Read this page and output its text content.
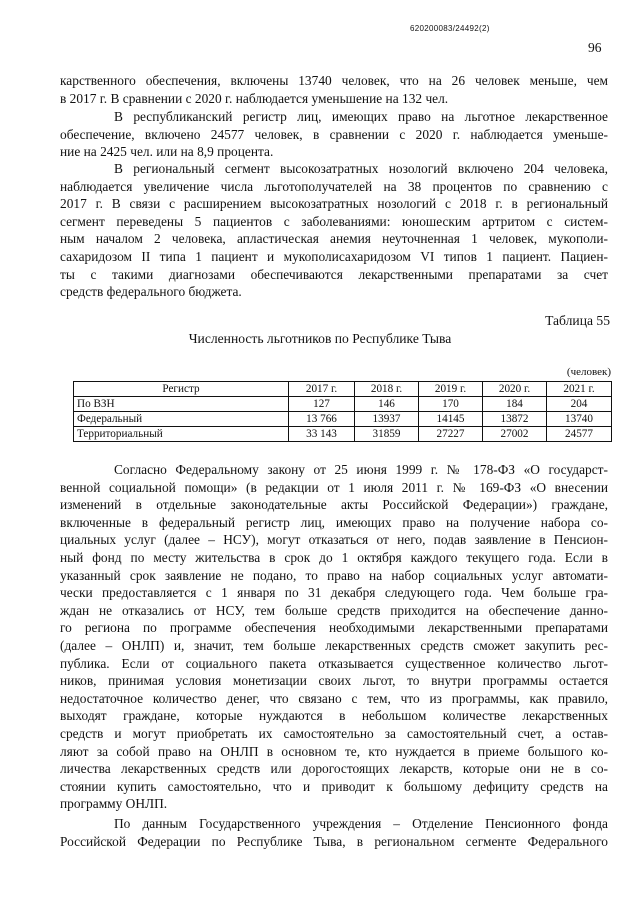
620200083/24492(2)
96

карственного обеспечения, включены 13740 человек, что на 26 человек меньше, чем
в 2017 г. В сравнении с 2020 г. наблюдается уменьшение на 132 чел.

В республиканский регистр лиц, имеющих право на льготное лекарственное
обеспечение, включено 24577 человек, в сравнении с 2020 г. наблюдается уменьше-
ние на 2425 чел. или на 8,9 процента.

В региональный сегмент высокозатратных нозологий включено 204 человека,
наблюдается увеличение числа льготополучателей на 38 процентов по сравнению с
2017 г. В связи с расширением высокозатратных нозологий с 2018 г. в региональный
сегмент переведены 5 пациентов с заболеваниями: юношеским артритом с систем-
ным началом 2 человека, апластическая анемия неуточненная 1 человек, мукополи-
сахаридозом II типа 1 пациент и мукополисахаридозом VI типов 1 пациент. Пациен-
ты с такими диагнозами обеспечиваются лекарственными препаратами за счет
средств федерального бюджета.

Таблица 55
Численность льготников по Республике Тыва
(человек)
Регистр	2017 г.	2018 г.	2019 г.	2020 г.	2021 г.
По ВЗН	127	146	170	184	204
Федеральный	13 766	13937	14145	13872	13740
Территориальный	33 143	31859	27227	27002	24577

Согласно Федеральному закону от 25 июня 1999 г. № 178-ФЗ «О государст-
венной социальной помощи» (в редакции от 1 июля 2011 г. № 169-ФЗ «О внесении
изменений в отдельные законодательные акты Российской Федерации») граждане,
включенные в федеральный регистр лиц, имеющих право на получение набора со-
циальных услуг (далее – НСУ), могут отказаться от него, подав заявление в Пенсион-
ный фонд по месту жительства в срок до 1 октября каждого текущего года. Если в
указанный срок заявление не подано, то право на набор социальных услуг автомати-
чески предоставляется с 1 января по 31 декабря следующего года. Чем больше гра-
ждан не отказались от НСУ, тем больше средств приходится на обеспечение данно-
го региона по программе обеспечения необходимыми лекарственными препаратами
(далее – ОНЛП) и, значит, тем больше лекарственных средств сможет закупить рес-
публика. Если от социального пакета отказывается существенное количество льгот-
ников, принимая условия монетизации своих льгот, то внутри программы остается
недостаточное количество денег, что связано с тем, что из программы, как правило,
выходят граждане, которые нуждаются в небольшом количестве лекарственных
средств и могут приобретать их самостоятельно за самостоятельный счет, а остав-
ляют за собой право на ОНЛП в основном те, кто нуждается в приеме большого ко-
личества лекарственных средств или дорогостоящих лекарств, которые они не в со-
стоянии купить самостоятельно, что и приводит к большому дефициту средств на
программу ОНЛП.

По данным Государственного учреждения – Отделение Пенсионного фонда
Российской Федерации по Республике Тыва, в региональном сегменте Федерального
